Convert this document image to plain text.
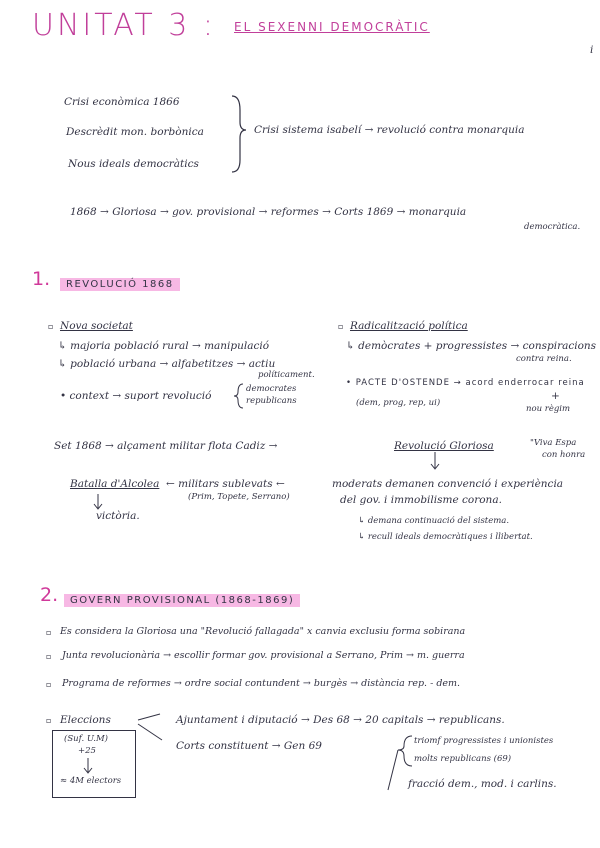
UNITAT 3 : EL SEXENNI DEMOCRÀTIC
i
Crisi econòmica 1866
Descrèdit mon. borbònica
Nous ideals democràtics
Crisi sistema isabelí → revolució contra monarquia
1868 → Gloriosa → gov. provisional → reformes → Corts 1869 → monarquia
democràtica.
1.	REVOLUCIÓ 1868
▫ Nova societat
↳ majoria població rural → manipulació
↳ població urbana → alfabetitzes → actiu
políticament.
• context → suport revolució
democrates
republicans
▫ Radicalització política
↳ demòcrates + progressistes → conspiracions
contra reina.
• PACTE D'OSTENDE → acord enderrocar reina
(dem, prog, rep, ui)
+
nou règim
Set 1868 → alçament militar flota Cadiz →	Revolució Gloriosa	"Viva Espa
con honra
Batalla d'Alcolea ← militars sublevats ←
(Prim, Topete, Serrano)
victòria.
moderats demanen convenció i experiència
del gov. i immobilisme corona.
↳ demana continuació del sistema.
↳ recull ideals democràtiques i llibertat.
2.	GOVERN PROVISIONAL (1868-1869)
▫ Es considera la Gloriosa una "Revolució fallagada" x canvia exclusiu forma sobirana
▫ Junta revolucionària → escollir formar gov. provisional a Serrano, Prim → m. guerra
▫ Programa de reformes → ordre social contundent → burgès → distància rep. - dem.
▫ Eleccions	Ajuntament i diputació → Des 68 → 20 capitals → republicans.
Corts constituent → Gen 69	triomf progressistes i unionistes
molts republicans (69)
fracció dem., mod. i carlins.
(Suf. U.M)
+25
≈ 4M electors
